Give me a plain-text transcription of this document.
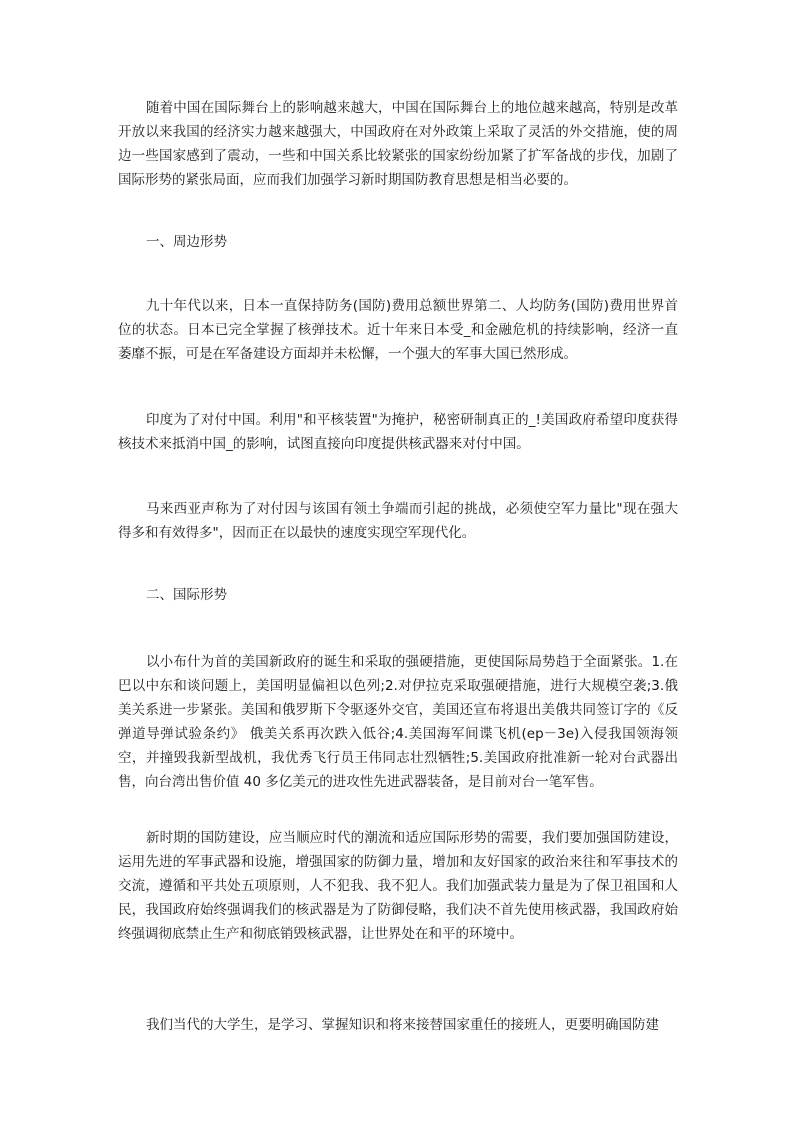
随着中国在国际舞台上的影响越来越大，中国在国际舞台上的地位越来越高，特别是改革开放以来我国的经济实力越来越强大，中国政府在对外政策上采取了灵活的外交措施，使的周边一些国家感到了震动，一些和中国关系比较紧张的国家纷纷加紧了扩军备战的步伐，加剧了国际形势的紧张局面，应而我们加强学习新时期国防教育思想是相当必要的。

一、周边形势

九十年代以来，日本一直保持防务(国防)费用总额世界第二、人均防务(国防)费用世界首位的状态。日本已完全掌握了核弹技术。近十年来日本受_和金融危机的持续影响，经济一直萎靡不振，可是在军备建设方面却并未松懈，一个强大的军事大国已然形成。

印度为了对付中国。利用"和平核装置"为掩护，秘密研制真正的_!美国政府希望印度获得核技术来抵消中国_的影响，试图直接向印度提供核武器来对付中国。

马来西亚声称为了对付因与该国有领土争端而引起的挑战，必须使空军力量比"现在强大得多和有效得多"，因而正在以最快的速度实现空军现代化。

二、国际形势

以小布什为首的美国新政府的诞生和采取的强硬措施，更使国际局势趋于全面紧张。1.在巴以中东和谈问题上，美国明显偏袒以色列;2.对伊拉克采取强硬措施，进行大规模空袭;3.俄美关系进一步紧张。美国和俄罗斯下令驱逐外交官，美国还宣布将退出美俄共同签订字的《反弹道导弹试验条约》 俄美关系再次跌入低谷;4.美国海军间谍飞机(ep－3e)入侵我国领海领空，并撞毁我新型战机，我优秀飞行员王伟同志壮烈牺牲;5.美国政府批准新一轮对台武器出售，向台湾出售价值 40 多亿美元的进攻性先进武器装备，是目前对台一笔军售。

新时期的国防建设，应当顺应时代的潮流和适应国际形势的需要，我们要加强国防建设，运用先进的军事武器和设施，增强国家的防御力量，增加和友好国家的政治来往和军事技术的交流，遵循和平共处五项原则，人不犯我、我不犯人。我们加强武装力量是为了保卫祖国和人民，我国政府始终强调我们的核武器是为了防御侵略，我们决不首先使用核武器，我国政府始终强调彻底禁止生产和彻底销毁核武器，让世界处在和平的环境中。

我们当代的大学生，是学习、掌握知识和将来接替国家重任的接班人，更要明确国防建
